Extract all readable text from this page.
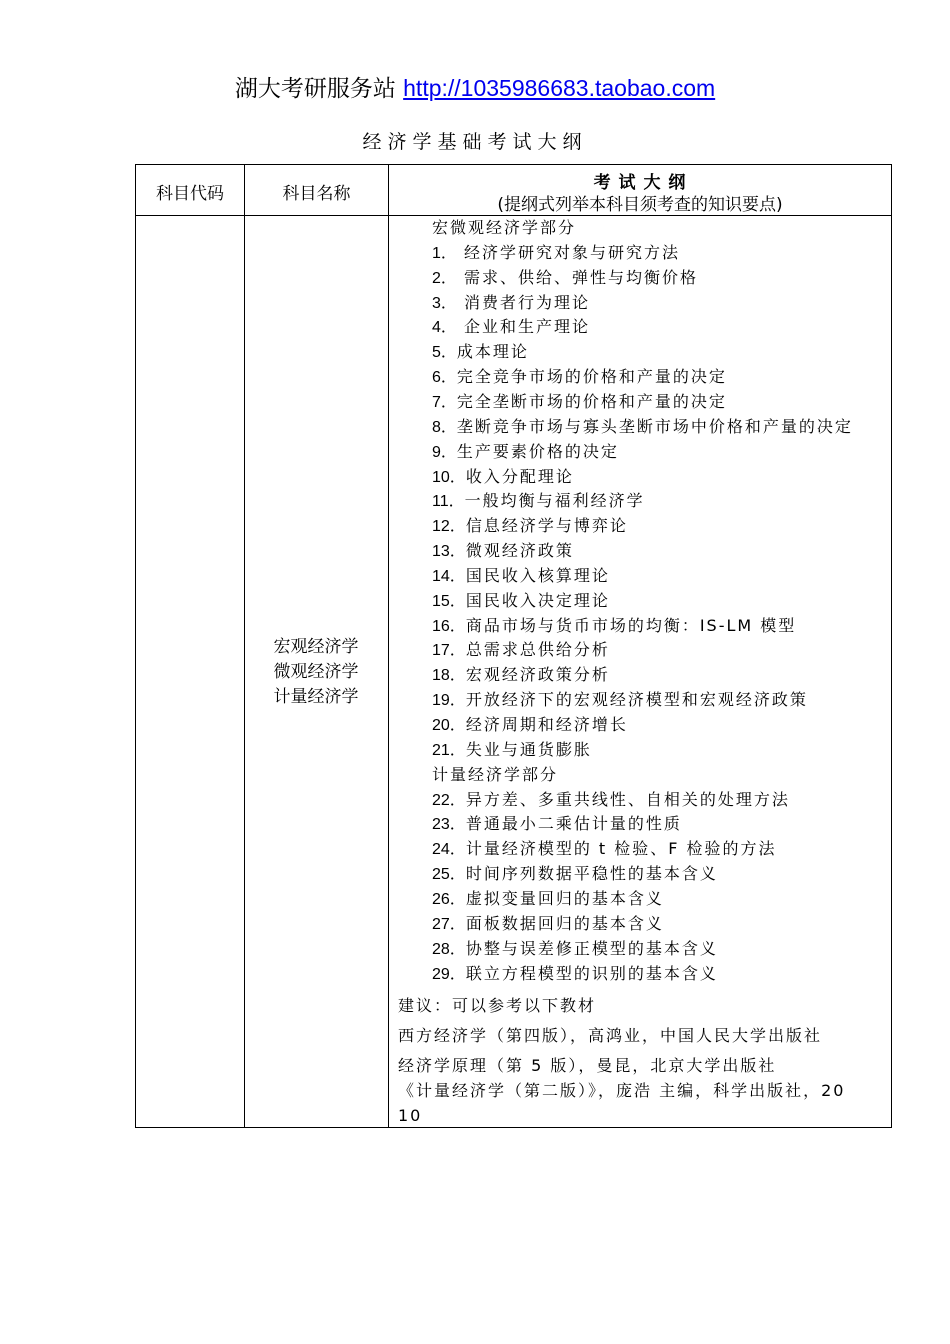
湖大考研服务站 http://1035986683.taobao.com
经济学基础考试大纲
科目代码	科目名称
考 试 大 纲
(提纲式列举本科目须考查的知识要点)
宏观经济学
微观经济学
计量经济学
宏微观经济学部分
1． 经济学研究对象与研究方法
2． 需求、供给、弹性与均衡价格
3． 消费者行为理论
4． 企业和生产理论
5．成本理论
6．完全竞争市场的价格和产量的决定
7．完全垄断市场的价格和产量的决定
8．垄断竞争市场与寡头垄断市场中价格和产量的决定
9．生产要素价格的决定
10．收入分配理论
11．一般均衡与福利经济学
12．信息经济学与博弈论
13．微观经济政策
14．国民收入核算理论
15．国民收入决定理论
16．商品市场与货币市场的均衡：IS-LM 模型
17．总需求总供给分析
18．宏观经济政策分析
19．开放经济下的宏观经济模型和宏观经济政策
20．经济周期和经济增长
21．失业与通货膨胀
计量经济学部分
22．异方差、多重共线性、自相关的处理方法
23．普通最小二乘估计量的性质
24．计量经济模型的 t 检验、F 检验的方法
25．时间序列数据平稳性的基本含义
26．虚拟变量回归的基本含义
27．面板数据回归的基本含义
28．协整与误差修正模型的基本含义
29．联立方程模型的识别的基本含义
建议：可以参考以下教材
西方经济学（第四版），高鸿业，中国人民大学出版社
经济学原理（第 5 版），曼昆，北京大学出版社
《计量经济学（第二版）》，庞浩 主编，科学出版社，20
10
